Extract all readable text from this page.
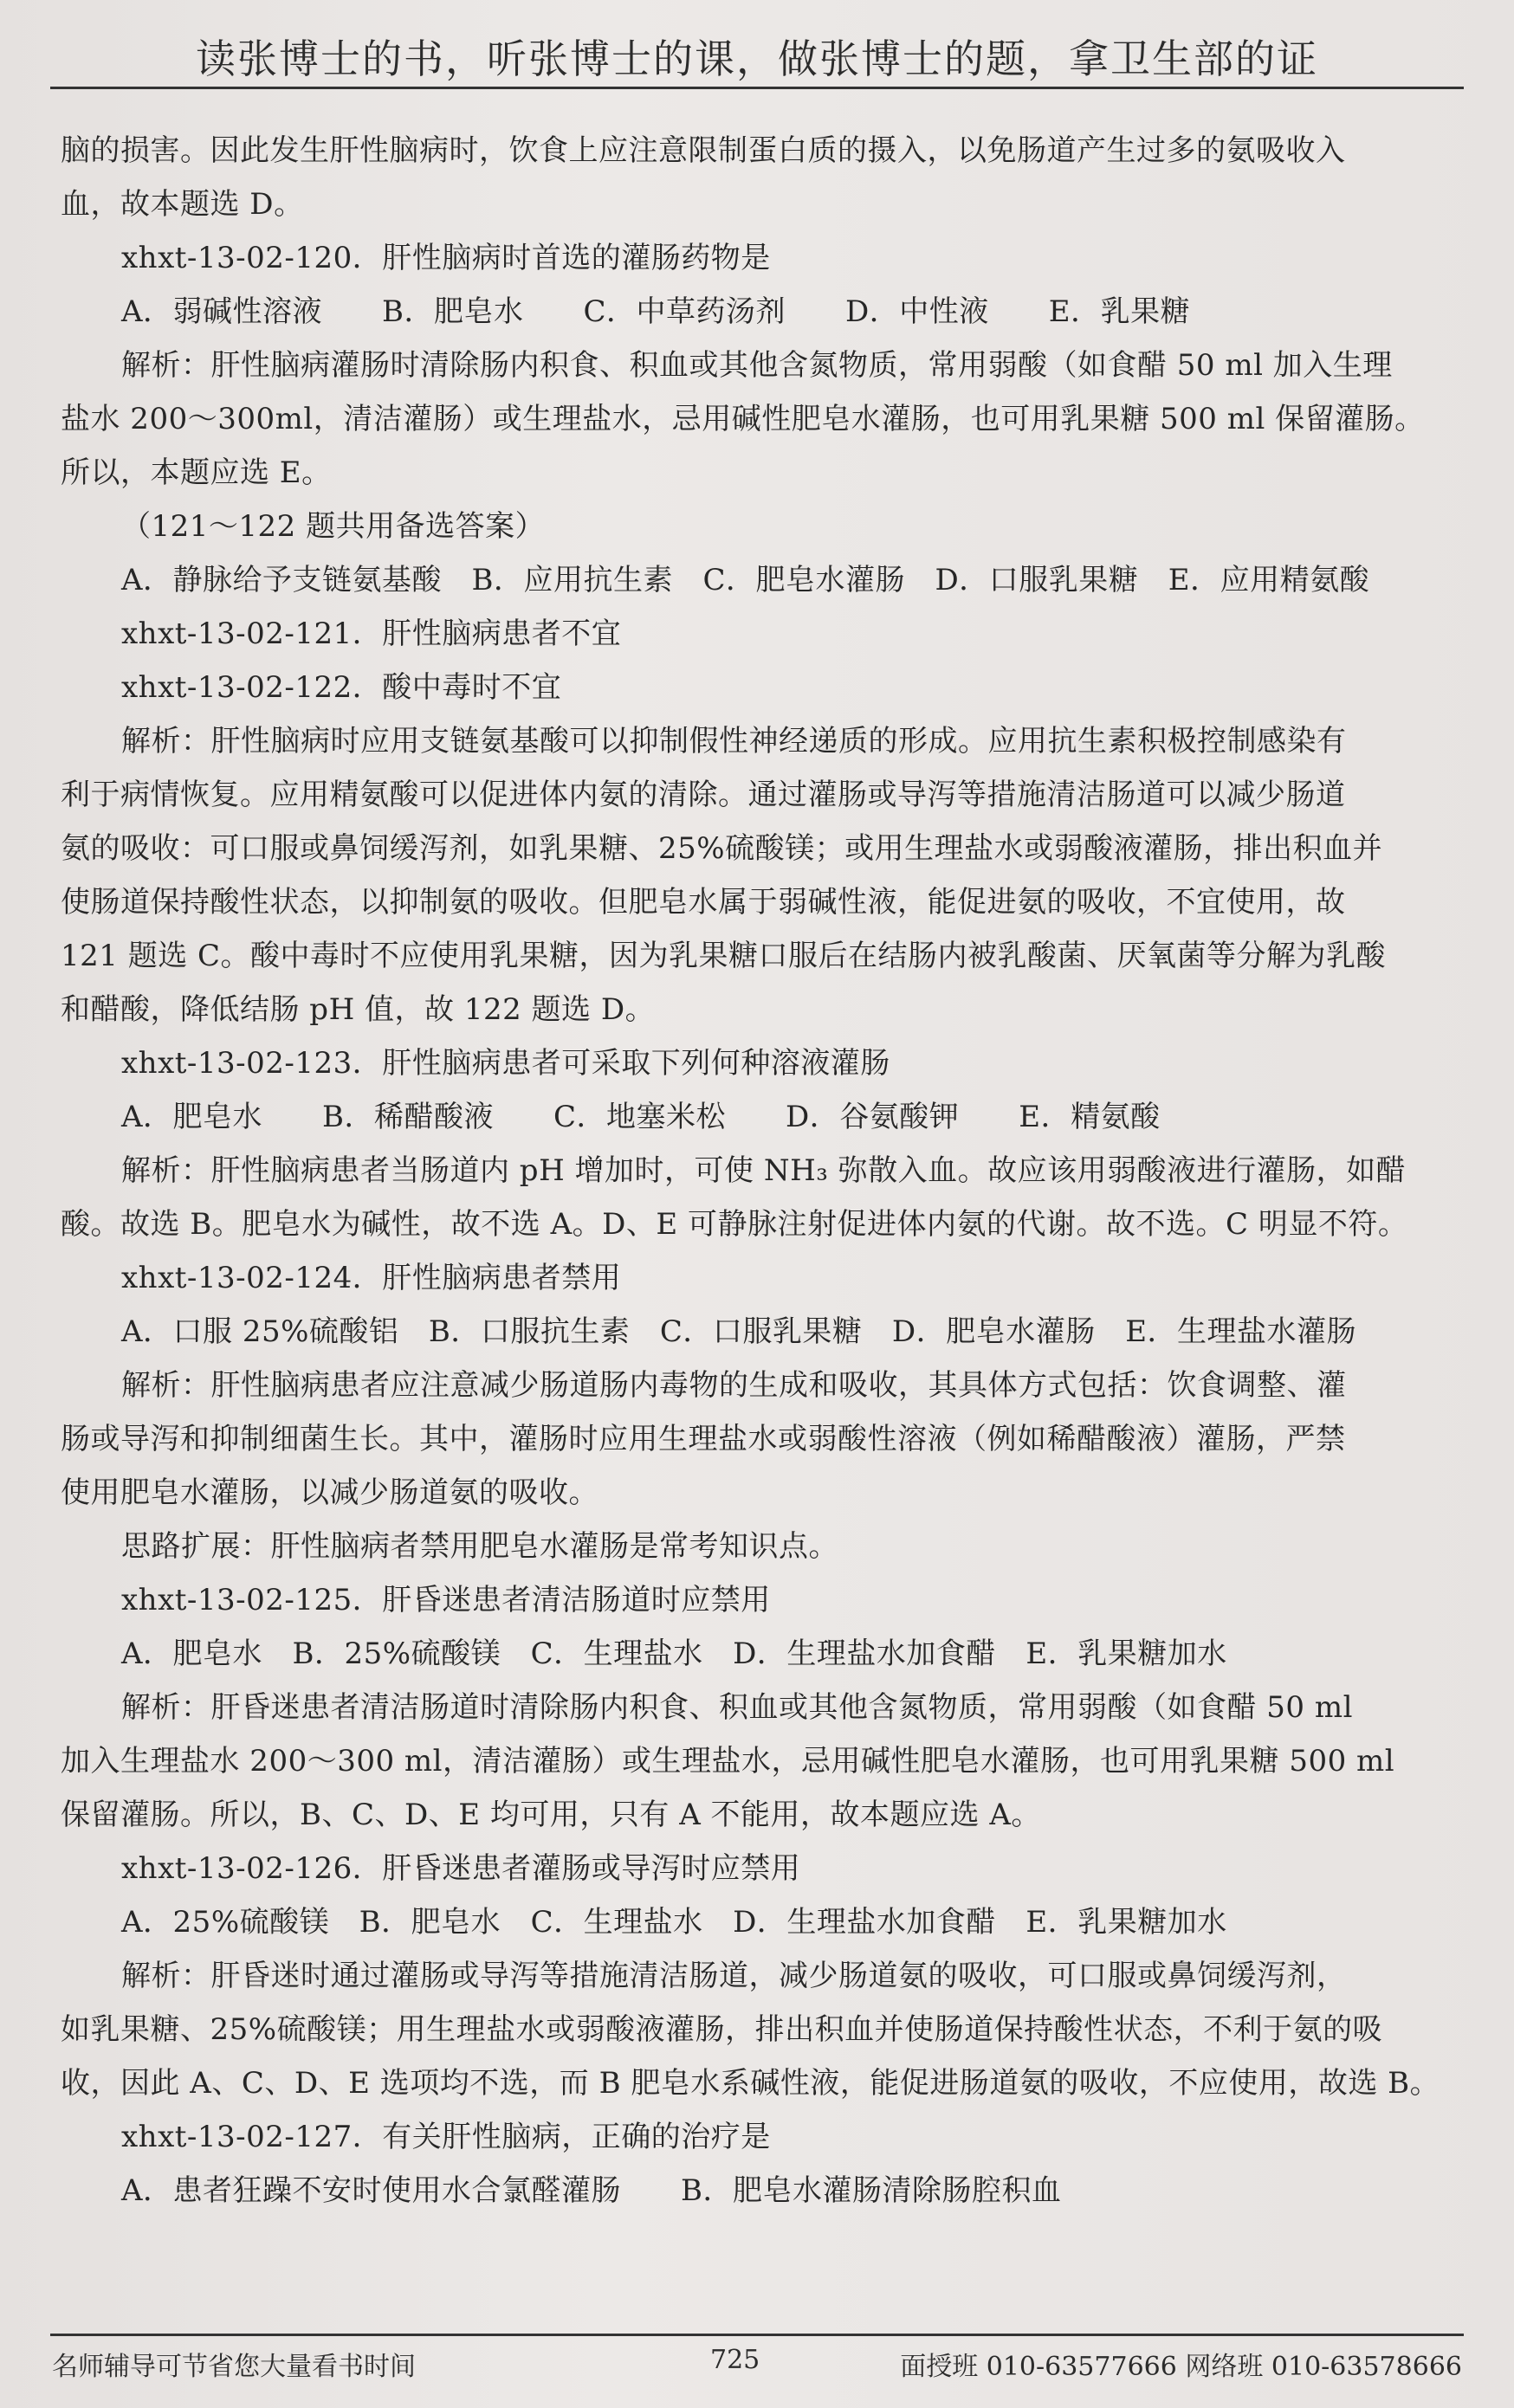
读张博士的书，听张博士的课，做张博士的题，拿卫生部的证
脑的损害。因此发生肝性脑病时，饮食上应注意限制蛋白质的摄入，以免肠道产生过多的氨吸收入
血，故本题选 D。
xhxt-13-02-120．肝性脑病时首选的灌肠药物是
A．弱碱性溶液　　B．肥皂水　　C．中草药汤剂　　D．中性液　　E．乳果糖
解析：肝性脑病灌肠时清除肠内积食、积血或其他含氮物质，常用弱酸（如食醋 50 ml 加入生理
盐水 200～300ml，清洁灌肠）或生理盐水，忌用碱性肥皂水灌肠，也可用乳果糖 500 ml 保留灌肠。
所以，本题应选 E。
（121～122 题共用备选答案）
A．静脉给予支链氨基酸　B．应用抗生素　C．肥皂水灌肠　D．口服乳果糖　E．应用精氨酸
xhxt-13-02-121．肝性脑病患者不宜
xhxt-13-02-122．酸中毒时不宜
解析：肝性脑病时应用支链氨基酸可以抑制假性神经递质的形成。应用抗生素积极控制感染有
利于病情恢复。应用精氨酸可以促进体内氨的清除。通过灌肠或导泻等措施清洁肠道可以减少肠道
氨的吸收：可口服或鼻饲缓泻剂，如乳果糖、25%硫酸镁；或用生理盐水或弱酸液灌肠，排出积血并
使肠道保持酸性状态，以抑制氨的吸收。但肥皂水属于弱碱性液，能促进氨的吸收，不宜使用，故
121 题选 C。酸中毒时不应使用乳果糖，因为乳果糖口服后在结肠内被乳酸菌、厌氧菌等分解为乳酸
和醋酸，降低结肠 pH 值，故 122 题选 D。
xhxt-13-02-123．肝性脑病患者可采取下列何种溶液灌肠
A．肥皂水　　B．稀醋酸液　　C．地塞米松　　D．谷氨酸钾　　E．精氨酸
解析：肝性脑病患者当肠道内 pH 增加时，可使 NH₃ 弥散入血。故应该用弱酸液进行灌肠，如醋
酸。故选 B。肥皂水为碱性，故不选 A。D、E 可静脉注射促进体内氨的代谢。故不选。C 明显不符。
xhxt-13-02-124．肝性脑病患者禁用
A．口服 25%硫酸铝　B．口服抗生素　C．口服乳果糖　D．肥皂水灌肠　E．生理盐水灌肠
解析：肝性脑病患者应注意减少肠道肠内毒物的生成和吸收，其具体方式包括：饮食调整、灌
肠或导泻和抑制细菌生长。其中，灌肠时应用生理盐水或弱酸性溶液（例如稀醋酸液）灌肠，严禁
使用肥皂水灌肠，以减少肠道氨的吸收。
思路扩展：肝性脑病者禁用肥皂水灌肠是常考知识点。
xhxt-13-02-125．肝昏迷患者清洁肠道时应禁用
A．肥皂水　B．25%硫酸镁　C．生理盐水　D．生理盐水加食醋　E．乳果糖加水
解析：肝昏迷患者清洁肠道时清除肠内积食、积血或其他含氮物质，常用弱酸（如食醋 50 ml
加入生理盐水 200～300 ml，清洁灌肠）或生理盐水，忌用碱性肥皂水灌肠，也可用乳果糖 500 ml
保留灌肠。所以，B、C、D、E 均可用，只有 A 不能用，故本题应选 A。
xhxt-13-02-126．肝昏迷患者灌肠或导泻时应禁用
A．25%硫酸镁　B．肥皂水　C．生理盐水　D．生理盐水加食醋　E．乳果糖加水
解析：肝昏迷时通过灌肠或导泻等措施清洁肠道，减少肠道氨的吸收，可口服或鼻饲缓泻剂，
如乳果糖、25%硫酸镁；用生理盐水或弱酸液灌肠，排出积血并使肠道保持酸性状态，不利于氨的吸
收，因此 A、C、D、E 选项均不选，而 B 肥皂水系碱性液，能促进肠道氨的吸收，不应使用，故选 B。
xhxt-13-02-127．有关肝性脑病，正确的治疗是
A．患者狂躁不安时使用水合氯醛灌肠　　B．肥皂水灌肠清除肠腔积血
名师辅导可节省您大量看书时间	725	面授班 010-63577666 网络班 010-63578666
